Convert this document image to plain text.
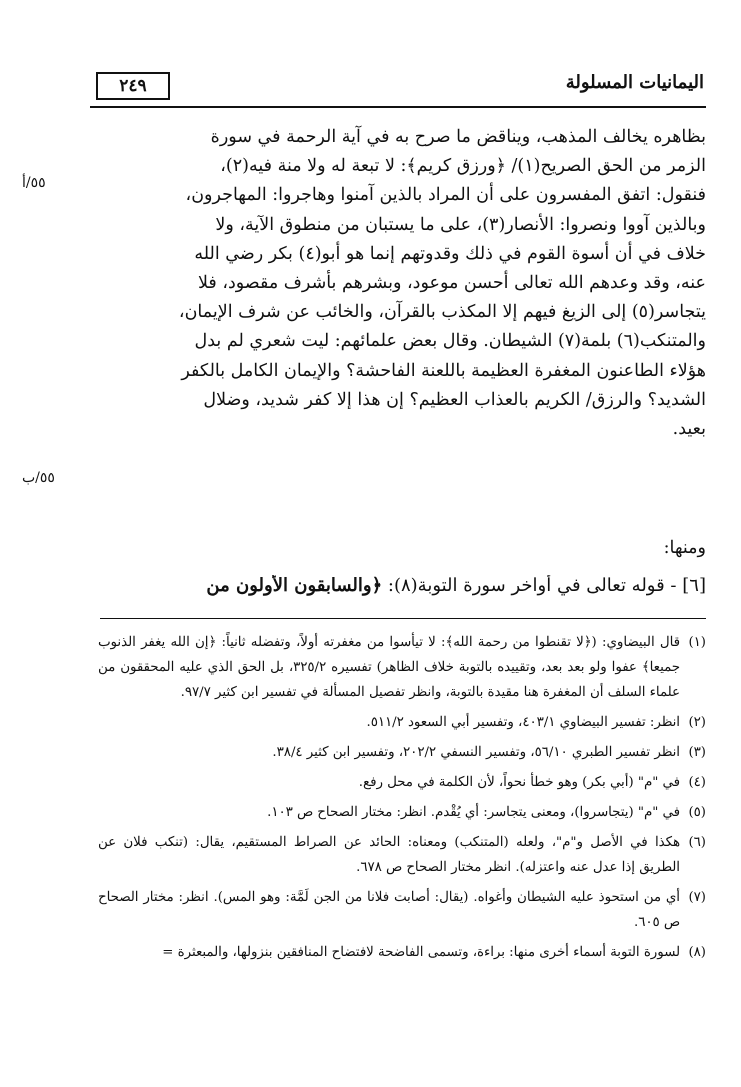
٢٤٩	اليمانيات المسلولة
٥٥/أ
٥٥/ب

بظاهره يخالف المذهب، ويناقض ما صرح به في آية الرحمة في سورة

الزمر من الحق الصريح(١)/ ﴿ورزق كريم﴾: لا تبعة له ولا منة فيه(٢)،

فنقول: اتفق المفسرون على أن المراد بالذين آمنوا وهاجروا: المهاجرون،

وبالذين آووا ونصروا: الأنصار(٣)، على ما يستبان من منطوق الآية، ولا

خلاف في أن أسوة القوم في ذلك وقدوتهم إنما هو أبو(٤) بكر رضي الله

عنه، وقد وعدهم الله تعالى أحسن موعود، وبشرهم بأشرف مقصود، فلا

يتجاسر(٥) إلى الزيغ فيهم إلا المكذب بالقرآن، والخائب عن شرف الإيمان،

والمتنكب(٦) بلمة(٧) الشيطان. وقال بعض علمائهم: ليت شعري لم بدل

هؤلاء الطاعنون المغفرة العظيمة باللعنة الفاحشة؟ والإيمان الكامل بالكفر

الشديد؟ والرزق/ الكريم بالعذاب العظيم؟ إن هذا إلا كفر شديد، وضلال

بعيد.

ومنها:
[٦] - قوله تعالى في أواخر سورة التوبة(٨): ﴿والسابقون الأولون من
(١)
قال البيضاوي: (﴿لا تقنطوا من رحمة الله﴾: لا تيأسوا من مغفرته أولاً، وتفضله ثانياً: ﴿إن الله يغفر الذنوب جميعا﴾ عفوا ولو بعد بعد، وتقييده بالتوبة خلاف الظاهر) تفسيره ٣٢٥/٢، بل الحق الذي عليه المحققون من علماء السلف أن المغفرة هنا مقيدة بالتوبة، وانظر تفصيل المسألة في تفسير ابن كثير ٩٧/٧.
(٢)
انظر: تفسير البيضاوي ٤٠٣/١، وتفسير أبي السعود ٥١١/٢.
(٣)
انظر تفسير الطبري ٥٦/١٠، وتفسير النسفي ٢٠٢/٢، وتفسير ابن كثير ٣٨/٤.
(٤)
في "م" (أبي بكر) وهو خطأ نحواً، لأن الكلمة في محل رفع.
(٥)
في "م" (يتجاسروا)، ومعنى يتجاسر: أي يُقْدم. انظر: مختار الصحاح ص ١٠٣.
(٦)
هكذا في الأصل و"م"، ولعله (المتنكب) ومعناه: الحائد عن الصراط المستقيم، يقال: (تنكب فلان عن الطريق إذا عدل عنه واعتزله). انظر مختار الصحاح ص ٦٧٨.
(٧)
أي من استحوذ عليه الشيطان وأغواه. (يقال: أصابت فلانا من الجن لَمَّة: وهو المس). انظر: مختار الصحاح ص ٦٠٥.
(٨)
لسورة التوبة أسماء أخرى منها: براءة، وتسمى الفاضحة لافتضاح المنافقين بنزولها، والمبعثرة =
